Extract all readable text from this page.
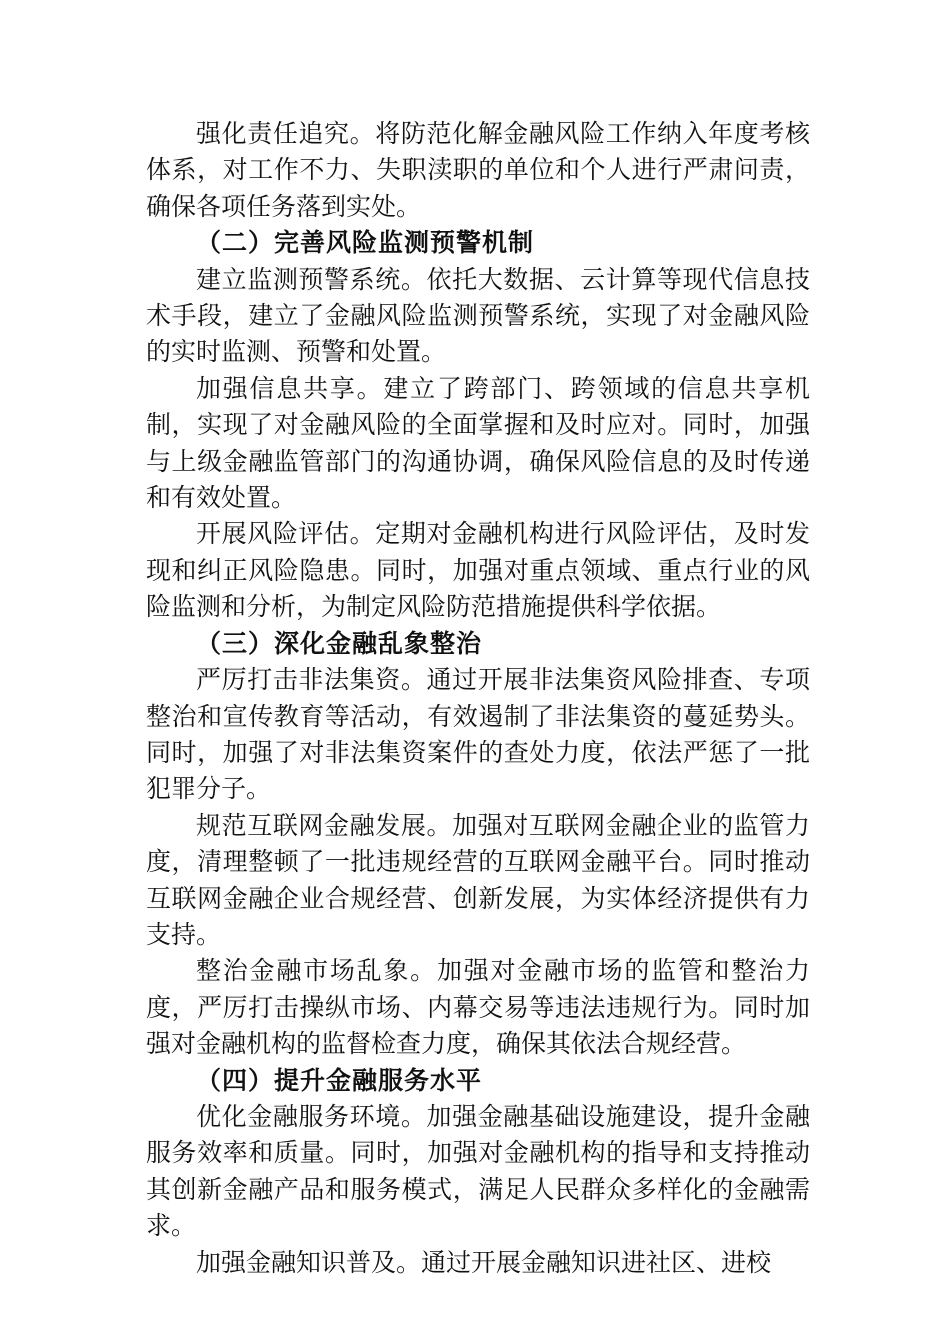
强化责任追究。将防范化解金融风险工作纳入年度考核体系，对工作不力、失职渎职的单位和个人进行严肃问责，确保各项任务落到实处。

（二）完善风险监测预警机制

建立监测预警系统。依托大数据、云计算等现代信息技术手段，建立了金融风险监测预警系统，实现了对金融风险的实时监测、预警和处置。

加强信息共享。建立了跨部门、跨领域的信息共享机制，实现了对金融风险的全面掌握和及时应对。同时，加强与上级金融监管部门的沟通协调，确保风险信息的及时传递和有效处置。

开展风险评估。定期对金融机构进行风险评估，及时发现和纠正风险隐患。同时，加强对重点领域、重点行业的风险监测和分析，为制定风险防范措施提供科学依据。

（三）深化金融乱象整治

严厉打击非法集资。通过开展非法集资风险排查、专项整治和宣传教育等活动，有效遏制了非法集资的蔓延势头。同时，加强了对非法集资案件的查处力度，依法严惩了一批犯罪分子。

规范互联网金融发展。加强对互联网金融企业的监管力度，清理整顿了一批违规经营的互联网金融平台。同时推动互联网金融企业合规经营、创新发展，为实体经济提供有力支持。

整治金融市场乱象。加强对金融市场的监管和整治力度，严厉打击操纵市场、内幕交易等违法违规行为。同时加强对金融机构的监督检查力度，确保其依法合规经营。

（四）提升金融服务水平

优化金融服务环境。加强金融基础设施建设，提升金融服务效率和质量。同时，加强对金融机构的指导和支持推动其创新金融产品和服务模式，满足人民群众多样化的金融需求。

加强金融知识普及。通过开展金融知识进社区、进校
